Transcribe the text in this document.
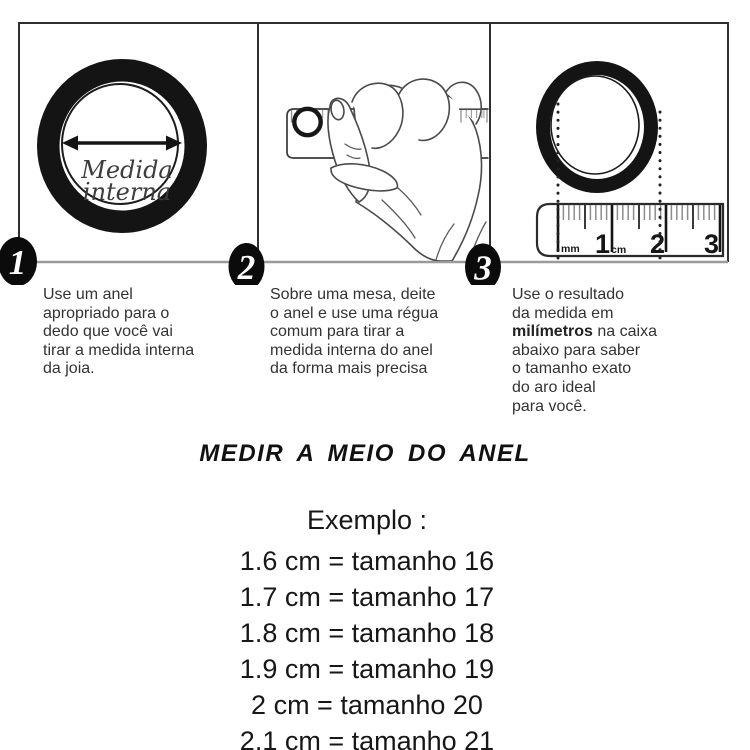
Medida
interna
mm 1 cm 2 3
1	2	3
Use um anel
apropriado para o
dedo que você vai
tirar a medida interna
da joia.
Sobre uma mesa, deite
o anel e use uma régua
comum para tirar a
medida interna do anel
da forma mais precisa
Use o resultado
da medida em
milímetros na caixa
abaixo para saber
o tamanho exato
do aro ideal
para você.
MEDIR A MEIO DO ANEL
Exemplo :
1.6 cm = tamanho 16
1.7 cm = tamanho 17
1.8 cm = tamanho 18
1.9 cm = tamanho 19
2 cm = tamanho 20
2.1 cm = tamanho 21
